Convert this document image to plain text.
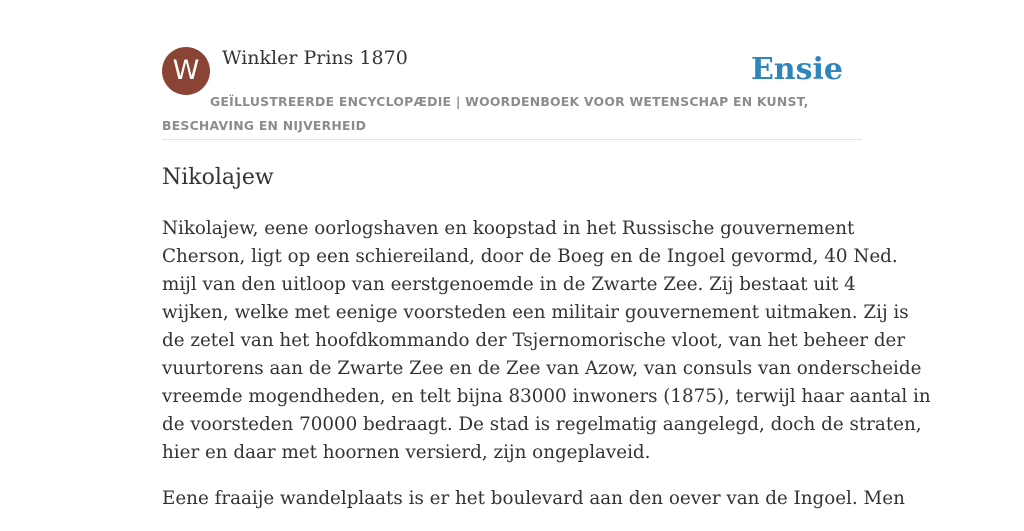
W	Winkler Prins 1870
GEÏLLUSTREERDE ENCYCLOPÆDIE | WOORDENBOEK VOOR WETENSCHAP EN KUNST, BESCHAVING EN NIJVERHEID
Ensie
Nikolajew

Nikolajew, eene oorlogshaven en koopstad in het Russische gouvernement
Cherson, ligt op een schiereiland, door de Boeg en de Ingoel gevormd, 40 Ned.
mijl van den uitloop van eerstgenoemde in de Zwarte Zee. Zij bestaat uit 4
wijken, welke met eenige voorsteden een militair gouvernement uitmaken. Zij is
de zetel van het hoofdkommando der Tsjernomorische vloot, van het beheer der
vuurtorens aan de Zwarte Zee en de Zee van Azow, van consuls van onderscheide
vreemde mogendheden, en telt bijna 83000 inwoners (1875), terwijl haar aantal in
de voorsteden 70000 bedraagt. De stad is regelmatig aangelegd, doch de straten,
hier en daar met hoornen versierd, zijn ongeplaveid.

Eene fraaije wandelplaats is er het boulevard aan den oever van de Ingoel. Men
